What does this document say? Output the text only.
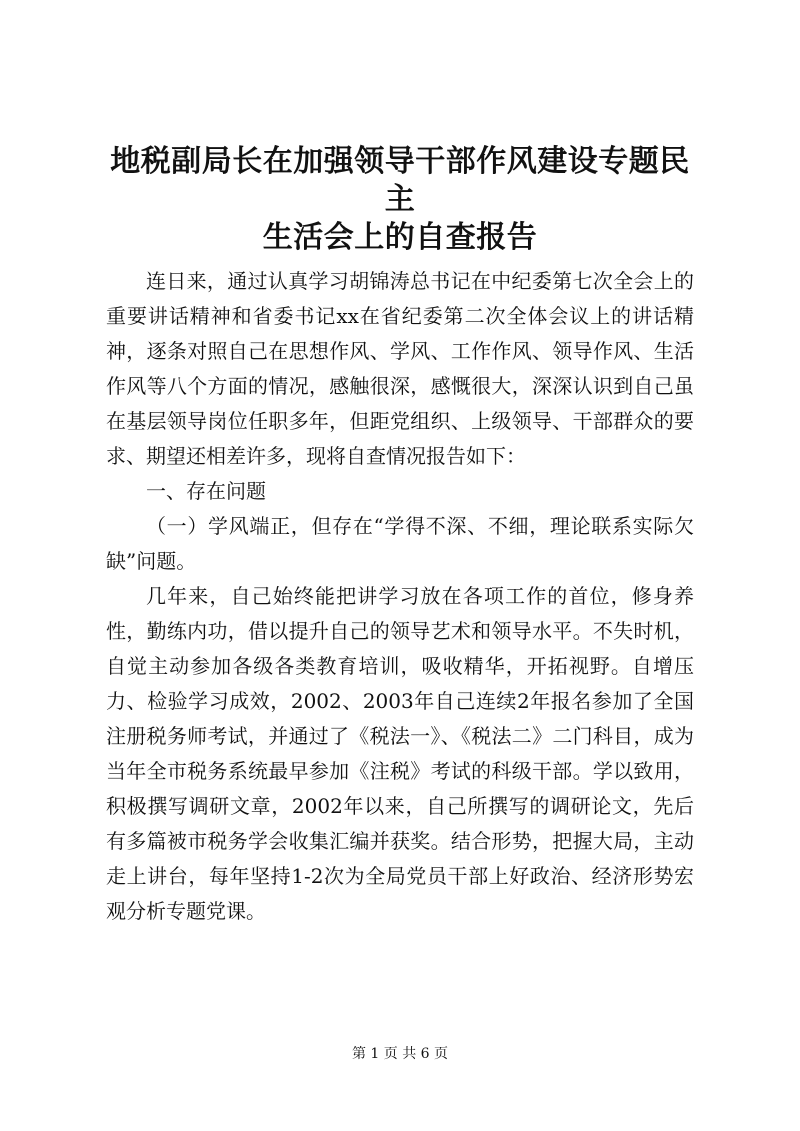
地税副局长在加强领导干部作风建设专题民主
生活会上的自查报告

连日来，通过认真学习胡锦涛总书记在中纪委第七次全会上的重要讲话精神和省委书记xx在省纪委第二次全体会议上的讲话精神，逐条对照自己在思想作风、学风、工作作风、领导作风、生活作风等八个方面的情况，感触很深，感慨很大，深深认识到自己虽在基层领导岗位任职多年，但距党组织、上级领导、干部群众的要求、期望还相差许多，现将自查情况报告如下：

一、存在问题

（一）学风端正，但存在“学得不深、不细，理论联系实际欠缺”问题。

几年来，自己始终能把讲学习放在各项工作的首位，修身养性，勤练内功，借以提升自己的领导艺术和领导水平。不失时机，自觉主动参加各级各类教育培训，吸收精华，开拓视野。自增压力、检验学习成效，2002、2003年自己连续2年报名参加了全国注册税务师考试，并通过了《税法一》、《税法二》二门科目，成为当年全市税务系统最早参加《注税》考试的科级干部。学以致用，积极撰写调研文章，2002年以来，自己所撰写的调研论文，先后有多篇被市税务学会收集汇编并获奖。结合形势，把握大局，主动走上讲台，每年坚持1-2次为全局党员干部上好政治、经济形势宏观分析专题党课。

第 1 页 共 6 页
